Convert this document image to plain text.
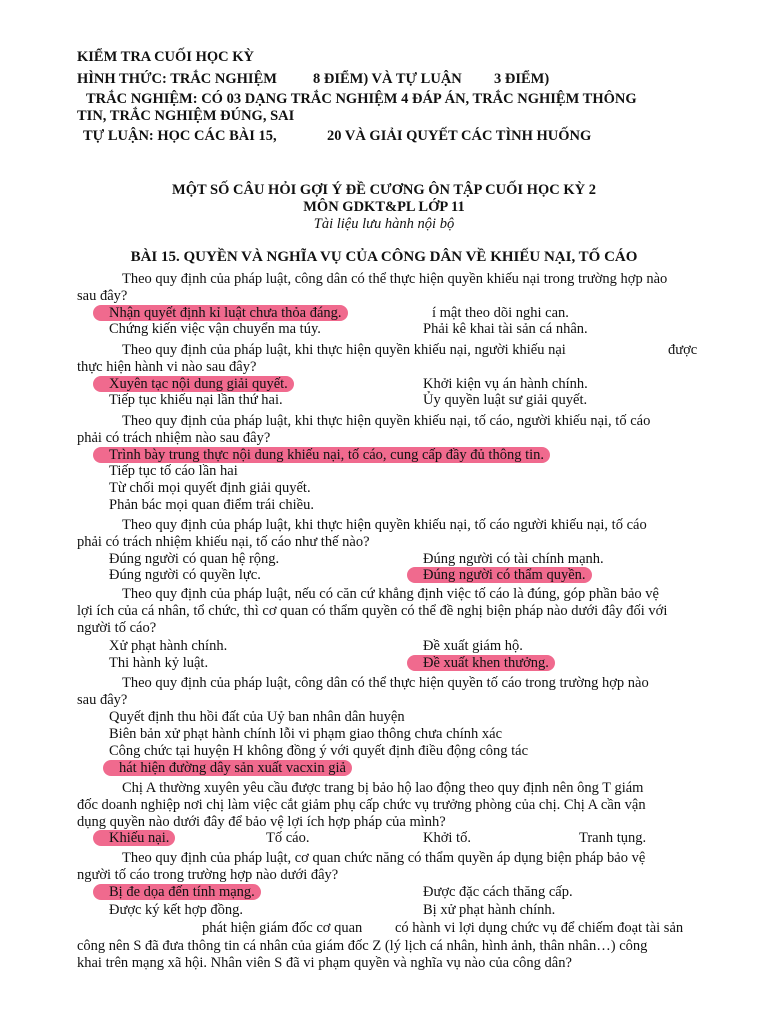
KIỂM TRA CUỐI HỌC KỲ
HÌNH THỨC: TRẮC NGHIỆM 8 ĐIỂM) VÀ TỰ LUẬN 3 ĐIỂM)
TRẮC NGHIỆM: CÓ 03 DẠNG TRẮC NGHIỆM 4 ĐÁP ÁN, TRẮC NGHIỆM THÔNG
TIN, TRẮC NGHIỆM ĐÚNG, SAI
TỰ LUẬN: HỌC CÁC BÀI 15,	20 VÀ GIẢI QUYẾT CÁC TÌNH HUỐNG
MỘT SỐ CÂU HỎI GỢI Ý ĐỀ CƯƠNG ÔN TẬP CUỐI HỌC KỲ 2
MÔN GDKT&PL LỚP 11
Tài liệu lưu hành nội bộ
BÀI 15. QUYỀN VÀ NGHĨA VỤ CỦA CÔNG DÂN VỀ KHIẾU NẠI, TỐ CÁO
Theo quy định của pháp luật, công dân có thể thực hiện quyền khiếu nại trong trường hợp nào
sau đây?
Nhận quyết định kỉ luật chưa thỏa đáng.	í mật theo dõi nghi can.
Chứng kiến việc vận chuyển ma túy.	Phải kê khai tài sản cá nhân.
Theo quy định của pháp luật, khi thực hiện quyền khiếu nại, người khiếu nại	được
thực hiện hành vi nào sau đây?
Xuyên tạc nội dung giải quyết.	Khởi kiện vụ án hành chính.
Tiếp tục khiếu nại lần thứ hai.	Ủy quyền luật sư giải quyết.
Theo quy định của pháp luật, khi thực hiện quyền khiếu nại, tố cáo, người khiếu nại, tố cáo
phải có trách nhiệm nào sau đây?
Trình bày trung thực nội dung khiếu nại, tố cáo, cung cấp đầy đủ thông tin.
Tiếp tục tố cáo lần hai
Từ chối mọi quyết định giải quyết.
Phản bác mọi quan điểm trái chiều.
Theo quy định của pháp luật, khi thực hiện quyền khiếu nại, tố cáo người khiếu nại, tố cáo
phải có trách nhiệm khiếu nại, tố cáo như thế nào?
Đúng người có quan hệ rộng.	Đúng người có tài chính mạnh.
Đúng người có quyền lực.	Đúng người có thẩm quyền.
Theo quy định của pháp luật, nếu có căn cứ khẳng định việc tố cáo là đúng, góp phần bảo vệ
lợi ích của cá nhân, tổ chức, thì cơ quan có thẩm quyền có thể đề nghị biện pháp nào dưới đây đối với
người tố cáo?
Xử phạt hành chính.	Đề xuất giám hộ.
Thi hành kỷ luật.	Đề xuất khen thưởng.
Theo quy định của pháp luật, công dân có thể thực hiện quyền tố cáo trong trường hợp nào
sau đây?
Quyết định thu hồi đất của Uỷ ban nhân dân huyện
Biên bản xử phạt hành chính lỗi vi phạm giao thông chưa chính xác
Công chức tại huyện H không đồng ý với quyết định điều động công tác
hát hiện đường dây sản xuất vacxin giả
Chị A thường xuyên yêu cầu được trang bị bảo hộ lao động theo quy định nên ông T giám
đốc doanh nghiệp nơi chị làm việc cắt giảm phụ cấp chức vụ trưởng phòng của chị. Chị A cần vận
dụng quyền nào dưới đây để bảo vệ lợi ích hợp pháp của mình?
Khiếu nại.	Tố cáo.	Khởi tố.	Tranh tụng.
Theo quy định của pháp luật, cơ quan chức năng có thẩm quyền áp dụng biện pháp bảo vệ
người tố cáo trong trường hợp nào dưới đây?
Bị đe dọa đến tính mạng.	Được đặc cách thăng cấp.
Được ký kết hợp đồng.	Bị xử phạt hành chính.
phát hiện giám đốc cơ quan có hành vi lợi dụng chức vụ để chiếm đoạt tài sản
công nên S đã đưa thông tin cá nhân của giám đốc Z (lý lịch cá nhân, hình ảnh, thân nhân…) công
khai trên mạng xã hội. Nhân viên S đã vi phạm quyền và nghĩa vụ nào của công dân?
